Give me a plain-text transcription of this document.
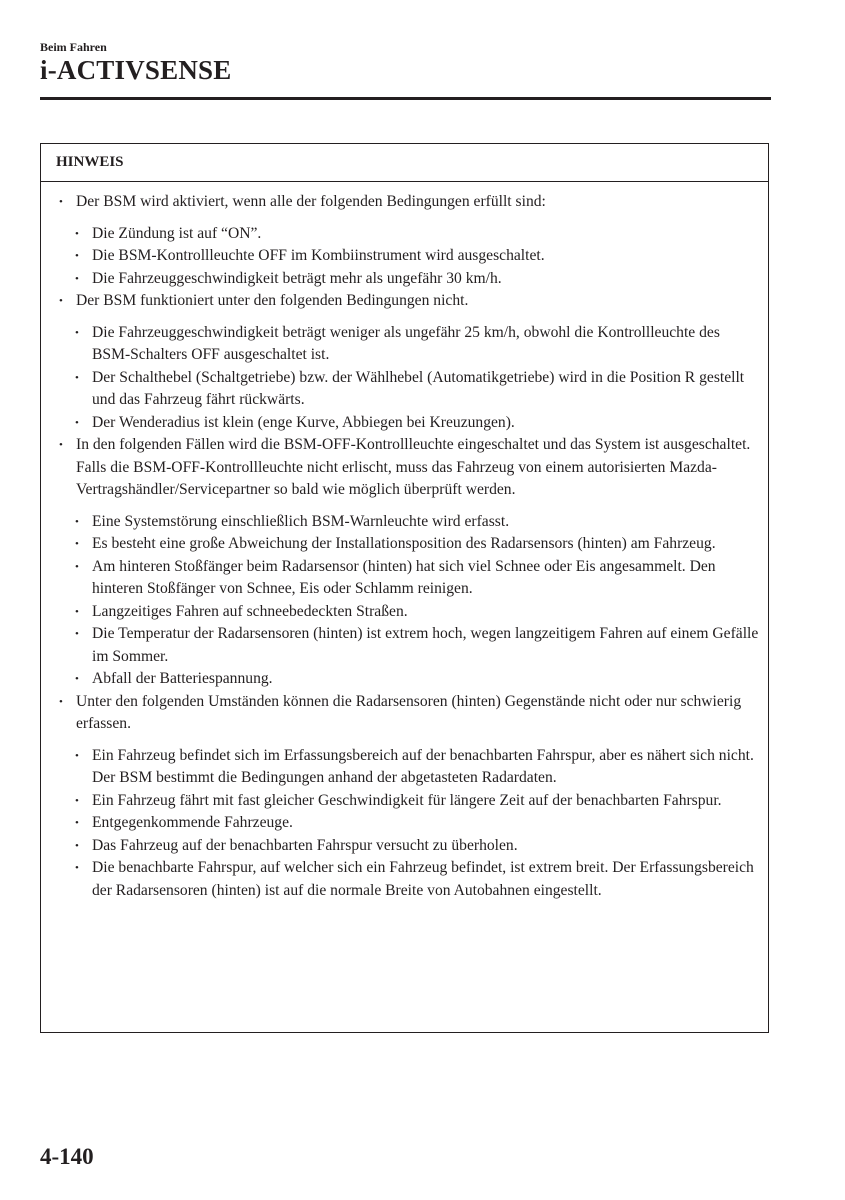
Beim Fahren
i-ACTIVSENSE
HINWEIS
• Der BSM wird aktiviert, wenn alle der folgenden Bedingungen erfüllt sind:
• Die Zündung ist auf “ON”.
• Die BSM-Kontrollleuchte OFF im Kombiinstrument wird ausgeschaltet.
• Die Fahrzeuggeschwindigkeit beträgt mehr als ungefähr 30 km/h.
• Der BSM funktioniert unter den folgenden Bedingungen nicht.
• Die Fahrzeuggeschwindigkeit beträgt weniger als ungefähr 25 km/h, obwohl die Kontrollleuchte des BSM-Schalters OFF ausgeschaltet ist.
• Der Schalthebel (Schaltgetriebe) bzw. der Wählhebel (Automatikgetriebe) wird in die Position R gestellt und das Fahrzeug fährt rückwärts.
• Der Wenderadius ist klein (enge Kurve, Abbiegen bei Kreuzungen).
• In den folgenden Fällen wird die BSM-OFF-Kontrollleuchte eingeschaltet und das System ist ausgeschaltet. Falls die BSM-OFF-Kontrollleuchte nicht erlischt, muss das Fahrzeug von einem autorisierten Mazda-Vertragshändler/Servicepartner so bald wie möglich überprüft werden.
• Eine Systemstörung einschließlich BSM-Warnleuchte wird erfasst.
• Es besteht eine große Abweichung der Installationsposition des Radarsensors (hinten) am Fahrzeug.
• Am hinteren Stoßfänger beim Radarsensor (hinten) hat sich viel Schnee oder Eis angesammelt. Den hinteren Stoßfänger von Schnee, Eis oder Schlamm reinigen.
• Langzeitiges Fahren auf schneebedeckten Straßen.
• Die Temperatur der Radarsensoren (hinten) ist extrem hoch, wegen langzeitigem Fahren auf einem Gefälle im Sommer.
• Abfall der Batteriespannung.
• Unter den folgenden Umständen können die Radarsensoren (hinten) Gegenstände nicht oder nur schwierig erfassen.
• Ein Fahrzeug befindet sich im Erfassungsbereich auf der benachbarten Fahrspur, aber es nähert sich nicht. Der BSM bestimmt die Bedingungen anhand der abgetasteten Radardaten.
• Ein Fahrzeug fährt mit fast gleicher Geschwindigkeit für längere Zeit auf der benachbarten Fahrspur.
• Entgegenkommende Fahrzeuge.
• Das Fahrzeug auf der benachbarten Fahrspur versucht zu überholen.
• Die benachbarte Fahrspur, auf welcher sich ein Fahrzeug befindet, ist extrem breit. Der Erfassungsbereich der Radarsensoren (hinten) ist auf die normale Breite von Autobahnen eingestellt.
4-140
